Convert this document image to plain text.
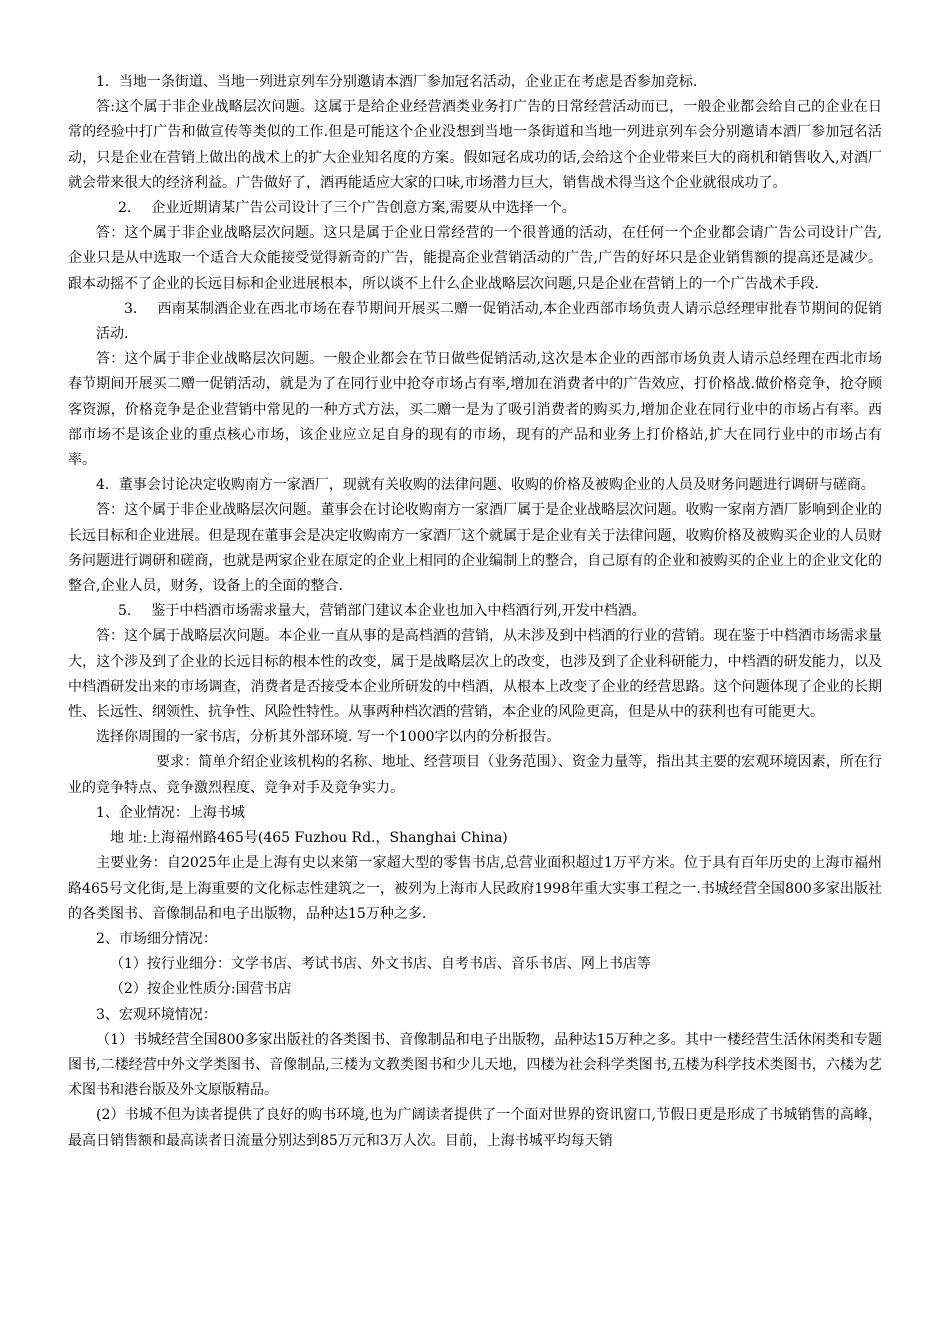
1．当地一条街道、当地一列进京列车分别邀请本酒厂参加冠名活动，企业正在考虑是否参加竞标.

答:这个属于非企业战略层次问题。这属于是给企业经营酒类业务打广告的日常经营活动而已，一般企业都会给自己的企业在日常的经验中打广告和做宣传等类似的工作.但是可能这个企业没想到当地一条街道和当地一列进京列车会分别邀请本酒厂参加冠名活动，只是企业在营销上做出的战术上的扩大企业知名度的方案。假如冠名成功的话,会给这个企业带来巨大的商机和销售收入,对酒厂就会带来很大的经济利益。广告做好了，酒再能适应大家的口味,市场潜力巨大，销售战术得当这个企业就很成功了。

2. 企业近期请某广告公司设计了三个广告创意方案,需要从中选择一个。

答：这个属于非企业战略层次问题。这只是属于企业日常经营的一个很普通的活动，在任何一个企业都会请广告公司设计广告,企业只是从中选取一个适合大众能接受觉得新奇的广告，能提高企业营销活动的广告,广告的好坏只是企业销售额的提高还是减少。跟本动摇不了企业的长远目标和企业进展根本，所以谈不上什么企业战略层次问题,只是企业在营销上的一个广告战术手段.

3. 西南某制酒企业在西北市场在春节期间开展买二赠一促销活动,本企业西部市场负责人请示总经理审批春节期间的促销活动.

答：这个属于非企业战略层次问题。一般企业都会在节日做些促销活动,这次是本企业的西部市场负责人请示总经理在西北市场春节期间开展买二赠一促销活动，就是为了在同行业中抢夺市场占有率,增加在消费者中的广告效应，打价格战.做价格竞争，抢夺顾客资源，价格竞争是企业营销中常见的一种方式方法，买二赠一是为了吸引消费者的购买力,增加企业在同行业中的市场占有率。西部市场不是该企业的重点核心市场，该企业应立足自身的现有的市场，现有的产品和业务上打价格站,扩大在同行业中的市场占有率。

4．董事会讨论决定收购南方一家酒厂，现就有关收购的法律问题、收购的价格及被购企业的人员及财务问题进行调研与磋商。

答：这个属于非企业战略层次问题。董事会在讨论收购南方一家酒厂属于是企业战略层次问题。收购一家南方酒厂影响到企业的长远目标和企业进展。但是现在董事会是决定收购南方一家酒厂这个就属于是企业有关于法律问题，收购价格及被购买企业的人员财务问题进行调研和磋商，也就是两家企业在原定的企业上相同的企业编制上的整合，自己原有的企业和被购买的企业上的企业文化的整合,企业人员，财务，设备上的全面的整合.

5. 鉴于中档酒市场需求量大，营销部门建议本企业也加入中档酒行列,开发中档酒。

答：这个属于战略层次问题。本企业一直从事的是高档酒的营销，从未涉及到中档酒的行业的营销。现在鉴于中档酒市场需求量大，这个涉及到了企业的长远目标的根本性的改变，属于是战略层次上的改变，也涉及到了企业科研能力，中档酒的研发能力，以及中档酒研发出来的市场调查，消费者是否接受本企业所研发的中档酒，从根本上改变了企业的经营思路。这个问题体现了企业的长期性、长远性、纲领性、抗争性、风险性特性。从事两种档次酒的营销，本企业的风险更高，但是从中的获利也有可能更大。

选择你周围的一家书店，分析其外部环境. 写一个1000字以内的分析报告。

要求：简单介绍企业该机构的名称、地址、经营项目（业务范围）、资金力量等，指出其主要的宏观环境因素，所在行业的竞争特点、竞争激烈程度、竞争对手及竞争实力。

1、企业情况：上海书城

地 址:上海福州路465号(465 Fuzhou Rd.，Shanghai China)

主要业务：自2025年止是上海有史以来第一家超大型的零售书店,总营业面积超过1万平方米。位于具有百年历史的上海市福州路465号文化街,是上海重要的文化标志性建筑之一，被列为上海市人民政府1998年重大实事工程之一.书城经营全国800多家出版社的各类图书、音像制品和电子出版物，品种达15万种之多.

2、市场细分情况：

（1）按行业细分：文学书店、考试书店、外文书店、自考书店、音乐书店、网上书店等

（2）按企业性质分:国营书店

3、宏观环境情况：

（1）书城经营全国800多家出版社的各类图书、音像制品和电子出版物，品种达15万种之多。其中一楼经营生活休闲类和专题图书,二楼经营中外文学类图书、音像制品,三楼为文教类图书和少儿天地，四楼为社会科学类图书,五楼为科学技术类图书，六楼为艺术图书和港台版及外文原版精品。

(2）书城不但为读者提供了良好的购书环境,也为广阔读者提供了一个面对世界的资讯窗口,节假日更是形成了书城销售的高峰，最高日销售额和最高读者日流量分别达到85万元和3万人次。目前，上海书城平均每天销
